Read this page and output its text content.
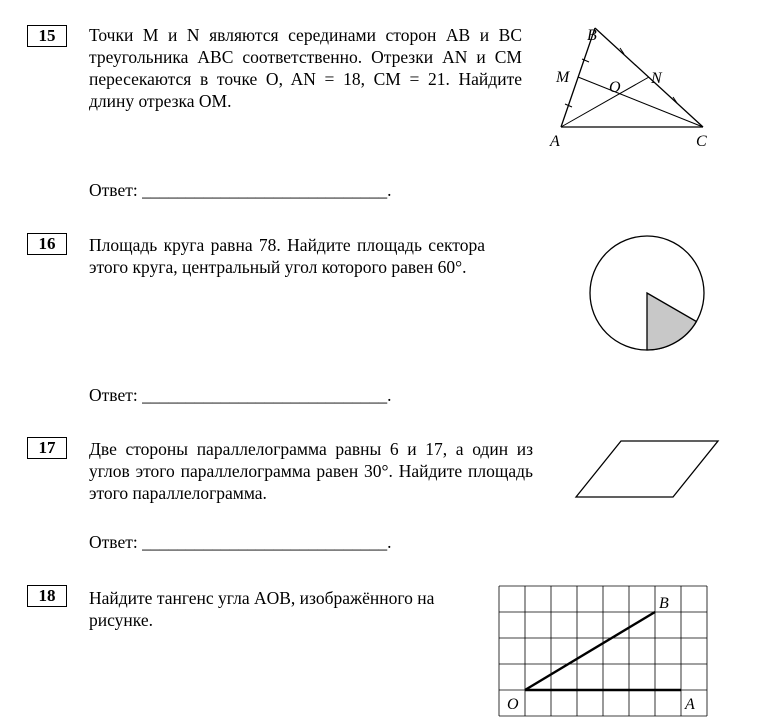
15	Точки M и N являются серединами сторон AB и BC треугольника ABC соответственно. Отрезки AN и CM пересекаются в точке O, AN = 18, CM = 21. Найдите длину отрезка OM.
A
B
C
M	N
O
Ответ: ____________________________.
16	Площадь круга равна 78. Найдите площадь сектора этого круга, центральный угол которого равен 60°.
Ответ: ____________________________.
17	Две стороны параллелограмма равны 6 и 17, а один из углов этого параллелограмма равен 30°. Найдите площадь этого параллелограмма.
Ответ: ____________________________.
18	Найдите тангенс угла AOB, изображённого на рисунке.
O	A
B
